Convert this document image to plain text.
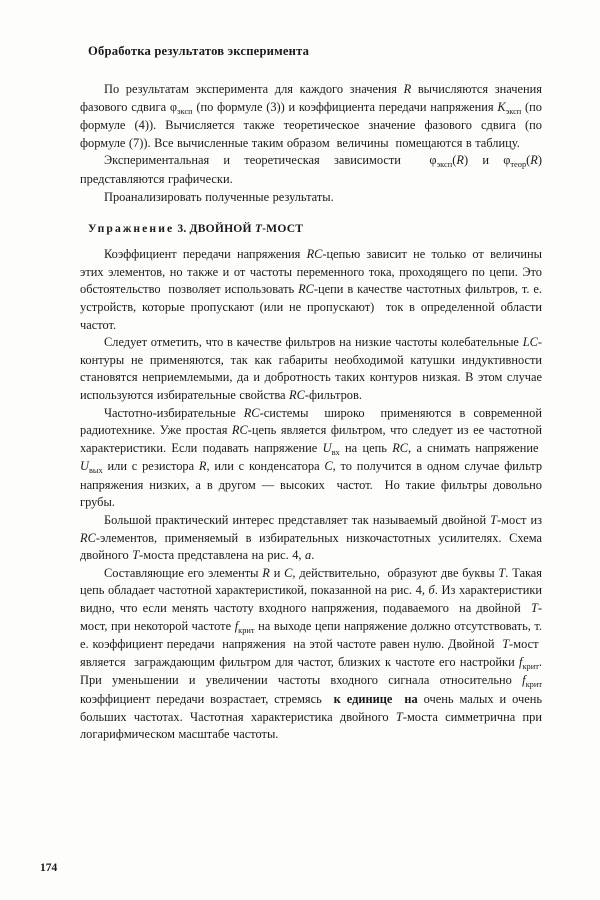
Обработка результатов эксперимента

По результатам эксперимента для каждого значения R вычисляются значения фазового сдвига $\varphi_{эксп}$ (по формуле (3)) и коэффициента передачи напряжения $K_{эксп}$ (по формуле (4)). Вычисляется также теоретическое значение фазового сдвига (по формуле (7)). Все вычисленные таким образом  величины  помещаются в таблицу.

Экспериментальная и теоретическая зависимости  $\varphi_{эксп}(R)$ и $\varphi_{теор}(R)$ представляются графически.

Проанализировать полученные результаты.

Упражнение 3. ДВОЙНОЙ Т-МОСТ

Коэффициент передачи напряжения RC-цепью зависит не только от величины этих элементов, но также и от частоты переменного тока, проходящего по цепи. Это обстоятельство  позволяет использовать RC-цепи в качестве частотных фильтров, т. е. устройств, которые пропускают (или не пропускают)  ток в определенной области частот.

Следует отметить, что в качестве фильтров на низкие частоты колебательные LC-контуры не применяются, так как габариты необходимой катушки индуктивности становятся неприемлемыми, да и добротность таких контуров низкая. В этом случае используются избирательные свойства RC-фильтров.

Частотно-избирательные RC-системы  широко  применяются в современной радиотехнике. Уже простая RC-цепь является фильтром, что следует из ее частотной характеристики. Если подавать напряжение $U_{вх}$ на цепь RC, а снимать напряжение  $U_{вых}$ или с резистора R, или с конденсатора C, то получится в одном случае фильтр напряжения низких, а в другом — высоких  частот.  Но такие фильтры довольно грубы.

Большой практический интерес представляет так называемый двойной Т-мост из RC-элементов, применяемый в избирательных низкочастотных усилителях. Схема двойного Т-моста представлена на рис. 4, а.

Составляющие его элементы R и C, действительно,  образуют две буквы Т. Такая цепь обладает частотной характеристикой, показанной на рис. 4, б. Из характеристики видно, что если менять частоту входного напряжения, подаваемого  на двойной  Т-мост, при некоторой частоте $f_{крит}$ на выходе цепи напряжение должно отсутствовать, т. е. коэффициент передачи  напряжения  на этой частоте равен нулю. Двойной  Т-мост  является  заграждающим фильтром для частот, близких к частоте его настройки $f_{крит}$. При уменьшении и увеличении частоты входного сигнала относительно $f_{крит}$ коэффициент передачи возрастает, стремясь  к единице  на очень малых и очень больших частотах. Частотная характеристика двойного Т-моста симметрична при логарифмическом масштабе частоты.

174
